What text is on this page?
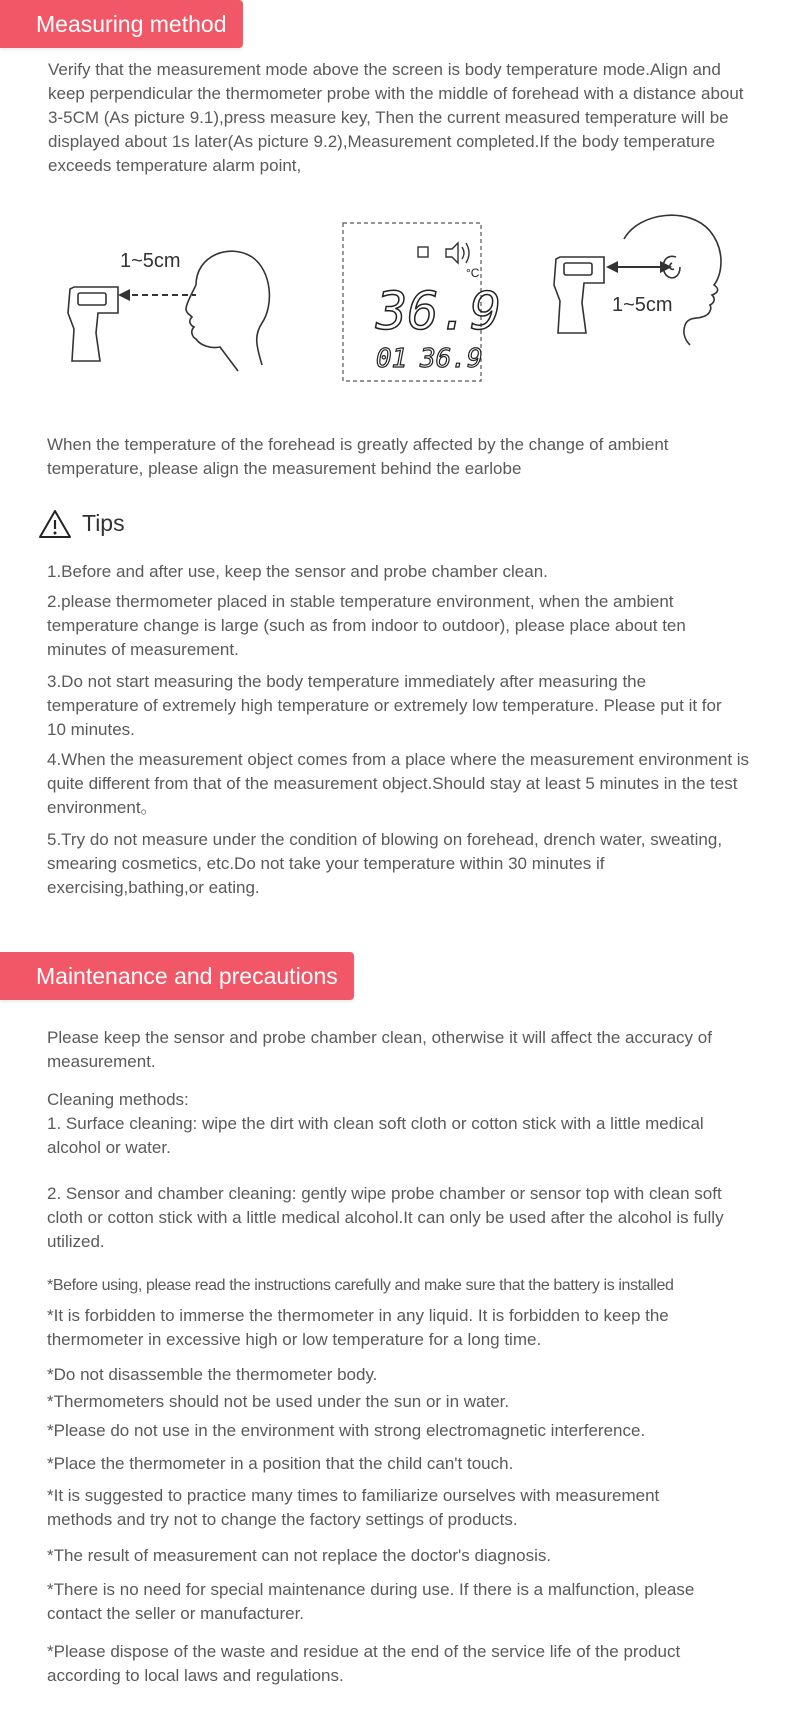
Measuring method
Verify that the measurement mode above the screen is body temperature mode.Align and keep perpendicular the thermometer probe with the middle of forehead with a distance about 3-5CM (As picture 9.1),press measure key, Then the current measured temperature will be displayed about 1s later(As picture 9.2),Measurement completed.If the body temperature exceeds temperature alarm point,
1~5cm
36.9
°C
01 36.9
1~5cm
When the temperature of the forehead is greatly affected by the change of ambient temperature, please align the measurement behind the earlobe
Tips
1.Before and after use, keep the sensor and probe chamber clean.
2.please thermometer placed in stable temperature environment, when the ambient temperature change is large (such as from indoor to outdoor), please place about ten minutes of measurement.
3.Do not start measuring the body temperature immediately after measuring the temperature of extremely high temperature or extremely low temperature. Please put it for 10 minutes.
4.When the measurement object comes from a place where the measurement environment is quite different from that of the measurement object.Should stay at least 5 minutes in the test environment。
5.Try do not measure under the condition of blowing on forehead, drench water, sweating, smearing cosmetics, etc.Do not take your temperature within 30 minutes if exercising,bathing,or eating.
Maintenance and precautions
Please keep the sensor and probe chamber clean, otherwise it will affect the accuracy of measurement.
Cleaning methods:
1. Surface cleaning: wipe the dirt with clean soft cloth or cotton stick with a little medical alcohol or water.
2. Sensor and chamber cleaning: gently wipe probe chamber or sensor top with clean soft cloth or cotton stick with a little medical alcohol.It can only be used after the alcohol is fully utilized.
*Before using, please read the instructions carefully and make sure that the battery is installed
*It is forbidden to immerse the thermometer in any liquid. It is forbidden to keep the thermometer in excessive high or low temperature for a long time.
*Do not disassemble the thermometer body.
*Thermometers should not be used under the sun or in water.
*Please do not use in the environment with strong electromagnetic interference.
*Place the thermometer in a position that the child can't touch.
*It is suggested to practice many times to familiarize ourselves with measurement methods and try not to change the factory settings of products.
*The result of measurement can not replace the doctor's diagnosis.
*There is no need for special maintenance during use. If there is a malfunction, please contact the seller or manufacturer.
*Please dispose of the waste and residue at the end of the service life of the product according to local laws and regulations.
